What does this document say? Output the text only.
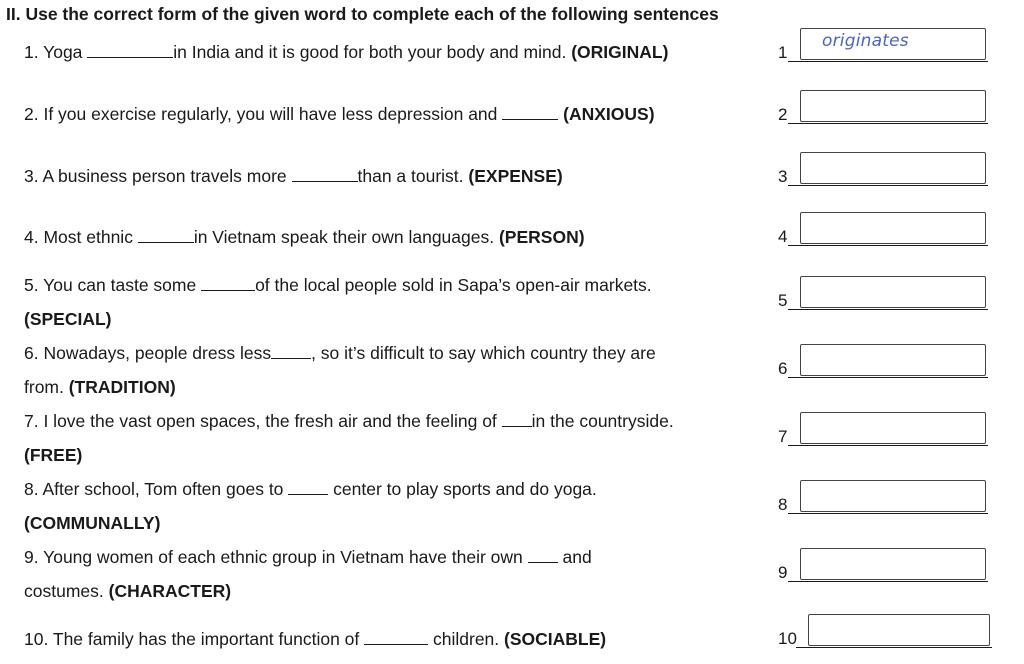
II. Use the correct form of the given word to complete each of the following sentences
1. Yoga	in India and it is good for both your body and mind. (ORIGINAL)
2. If you exercise regularly, you will have less depression and	(ANXIOUS)
3. A business person travels more	than a tourist. (EXPENSE)
4. Most ethnic	in Vietnam speak their own languages. (PERSON)
5. You can taste some	of the local people sold in Sapa’s open-air markets.
(SPECIAL)
6. Nowadays, people dress less , so it’s difficult to say which country they are
from. (TRADITION)
7. I love the vast open spaces, the fresh air and the feeling of in the countryside.
(FREE)
8. After school, Tom often goes to  center to play sports and do yoga.
(COMMUNALLY)
9. Young women of each ethnic group in Vietnam have their own  and
costumes. (CHARACTER)
10. The family has the important function of	children. (SOCIABLE)
1
originates
2
3
4
5
6
7
8
9
10
